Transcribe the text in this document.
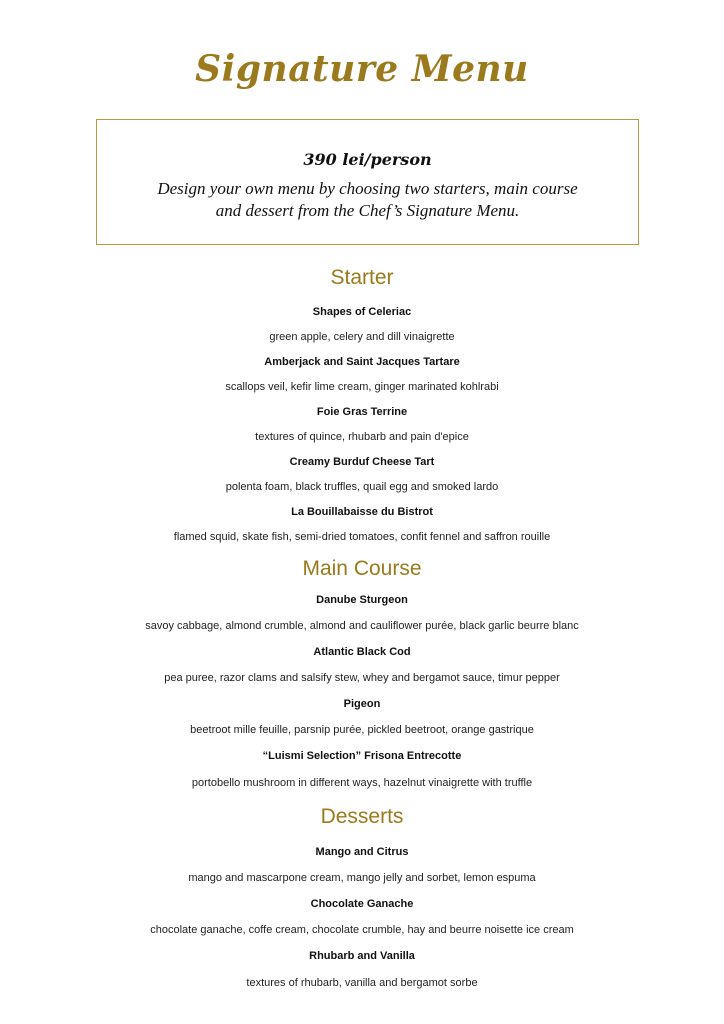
Signature Menu
390 lei/person
Design your own menu by choosing two starters, main course
and dessert from the Chef’s Signature Menu.
Starter
Shapes of Celeriac
green apple, celery and dill vinaigrette
Amberjack and Saint Jacques Tartare
scallops veil, kefir lime cream, ginger marinated kohlrabi
Foie Gras Terrine
textures of quince, rhubarb and pain d'epice
Creamy Burduf Cheese Tart
polenta foam, black truffles, quail egg and smoked lardo
La Bouillabaisse du Bistrot
flamed squid, skate fish, semi-dried tomatoes, confit fennel and saffron rouille
Main Course
Danube Sturgeon
savoy cabbage, almond crumble, almond and cauliflower purée, black garlic beurre blanc
Atlantic Black Cod
pea puree, razor clams and salsify stew, whey and bergamot sauce, timur pepper
Pigeon
beetroot mille feuille, parsnip purée, pickled beetroot, orange gastrique
“Luismi Selection” Frisona Entrecotte
portobello mushroom in different ways, hazelnut vinaigrette with truffle
Desserts
Mango and Citrus
mango and mascarpone cream, mango jelly and sorbet, lemon espuma
Chocolate Ganache
chocolate ganache, coffe cream, chocolate crumble, hay and beurre noisette ice cream
Rhubarb and Vanilla
textures of rhubarb, vanilla and bergamot sorbe
